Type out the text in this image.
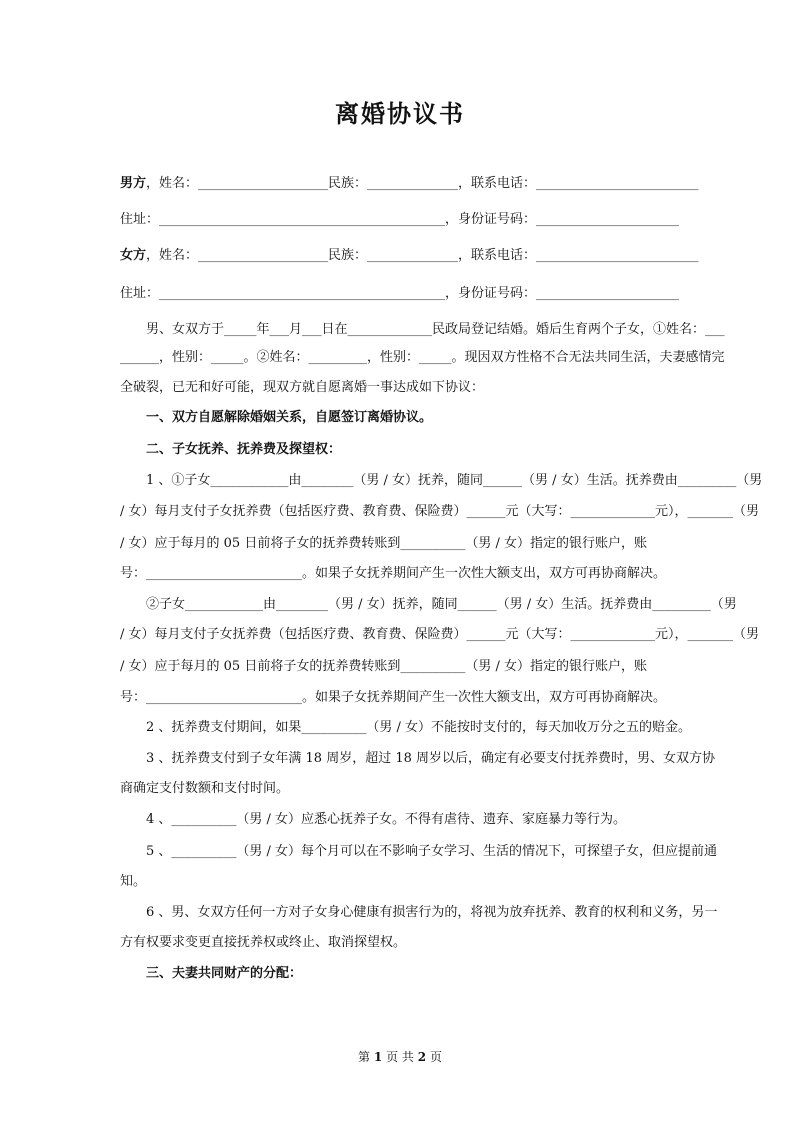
离婚协议书
男方，姓名：____________________民族：______________，联系电话：_________________________
住址：____________________________________________，身份证号码：______________________
女方，姓名：____________________民族：______________，联系电话：_________________________
住址：____________________________________________，身份证号码：______________________
　　男、女双方于_____年___月___日在_____________民政局登记结婚。婚后生育两个子女，①姓名：___
______，性别：_____。②姓名：_________，性别：_____。现因双方性格不合无法共同生活，夫妻感情完
全破裂，已无和好可能，现双方就自愿离婚一事达成如下协议：
　　一、双方自愿解除婚姻关系，自愿签订离婚协议。
　　二、子女抚养、抚养费及探望权：
　　1 、①子女____________由________（男 / 女）抚养，随同______（男 / 女）生活。抚养费由_________（男
/ 女）每月支付子女抚养费（包括医疗费、教育费、保险费）______元（大写：_____________元），_______（男
/ 女）应于每月的 05 日前将子女的抚养费转账到__________（男 / 女）指定的银行账户，账
号：________________________。如果子女抚养期间产生一次性大额支出，双方可再协商解决。
　　②子女____________由________（男 / 女）抚养，随同______（男 / 女）生活。抚养费由_________（男
/ 女）每月支付子女抚养费（包括医疗费、教育费、保险费）______元（大写：_____________元），_______（男
/ 女）应于每月的 05 日前将子女的抚养费转账到__________（男 / 女）指定的银行账户，账
号：________________________。如果子女抚养期间产生一次性大额支出，双方可再协商解决。
　　2 、抚养费支付期间，如果__________（男 / 女）不能按时支付的，每天加收万分之五的赔金。
　　3 、抚养费支付到子女年满 18 周岁，超过 18 周岁以后，确定有必要支付抚养费时，男、女双方协
商确定支付数额和支付时间。
　　4 、__________（男 / 女）应悉心抚养子女。不得有虐待、遗弃、家庭暴力等行为。
　　5 、__________（男 / 女）每个月可以在不影响子女学习、生活的情况下，可探望子女，但应提前通
知。
　　6 、男、女双方任何一方对子女身心健康有损害行为的，将视为放弃抚养、教育的权利和义务，另一
方有权要求变更直接抚养权或终止、取消探望权。
　　三、夫妻共同财产的分配：
第 1 页 共 2 页
